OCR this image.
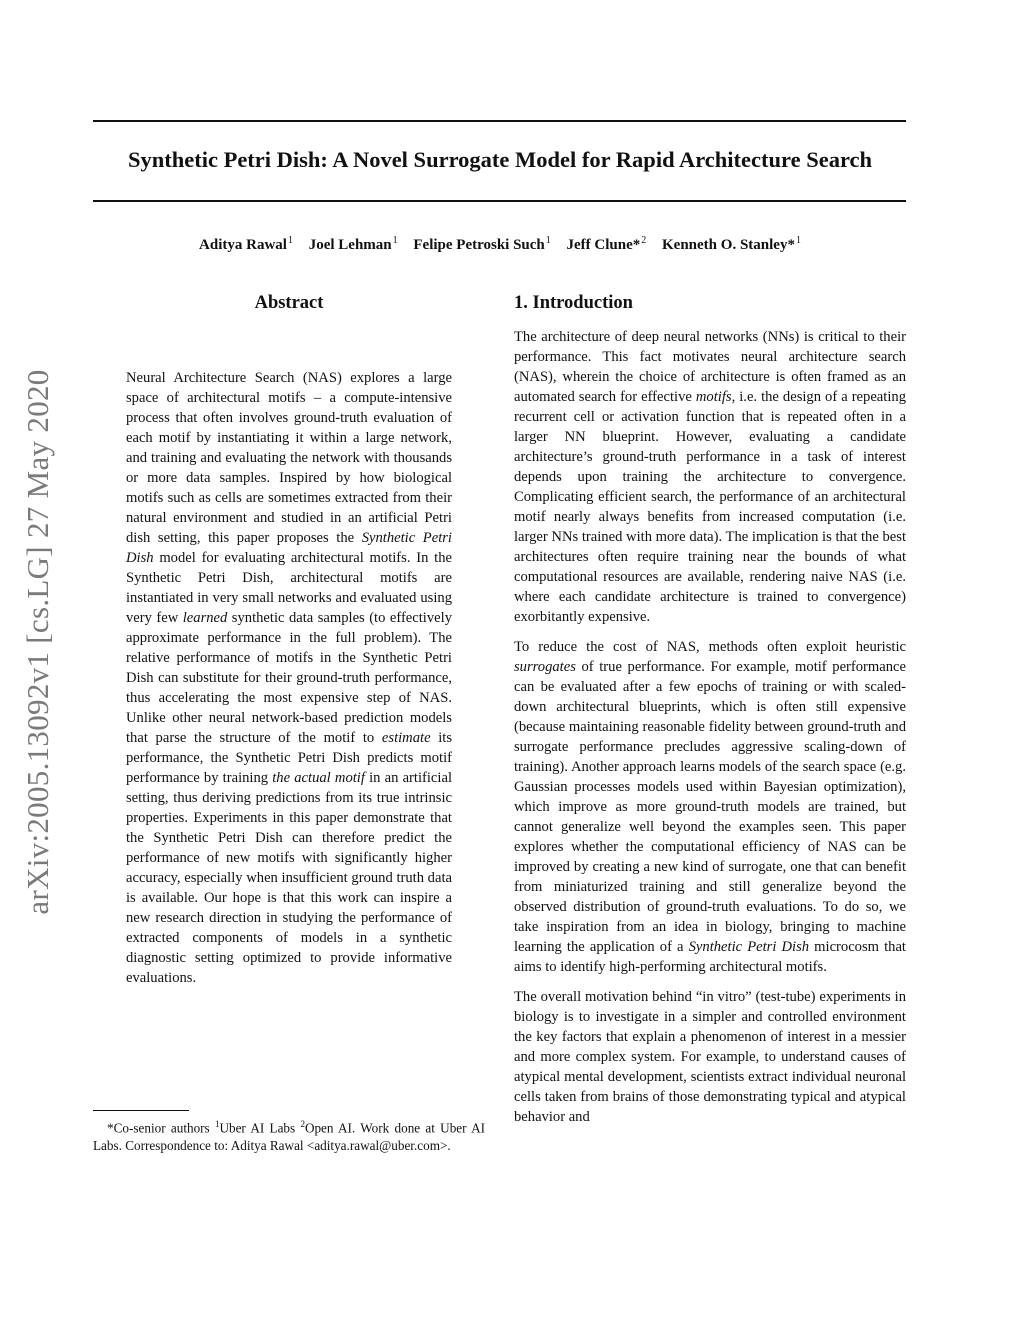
Synthetic Petri Dish: A Novel Surrogate Model for Rapid Architecture Search
Aditya Rawal$^1$ Joel Lehman$^1$ Felipe Petroski Such$^1$ Jeff Clune*$^2$ Kenneth O. Stanley*$^1$
arXiv:2005.13092v1 [cs.LG] 27 May 2020
Abstract
Neural Architecture Search (NAS) explores a large space of architectural motifs – a compute-intensive process that often involves ground-truth evaluation of each motif by instantiating it within a large network, and training and evaluating the network with thousands or more data samples. Inspired by how biological motifs such as cells are sometimes extracted from their natural environment and studied in an artificial Petri dish setting, this paper proposes the Synthetic Petri Dish model for evaluating architectural motifs. In the Synthetic Petri Dish, architectural motifs are instantiated in very small networks and evaluated using very few learned synthetic data samples (to effectively approximate performance in the full problem). The relative performance of motifs in the Synthetic Petri Dish can substitute for their ground-truth performance, thus accelerating the most expensive step of NAS. Unlike other neural network-based prediction models that parse the structure of the motif to estimate its performance, the Synthetic Petri Dish predicts motif performance by training the actual motif in an artificial setting, thus deriving predictions from its true intrinsic properties. Experiments in this paper demonstrate that the Synthetic Petri Dish can therefore predict the performance of new motifs with significantly higher accuracy, especially when insufficient ground truth data is available. Our hope is that this work can inspire a new research direction in studying the performance of extracted components of models in a synthetic diagnostic setting optimized to provide informative evaluations.
*Co-senior authors $^1$Uber AI Labs $^2$Open AI. Work done at Uber AI Labs. Correspondence to: Aditya Rawal <aditya.rawal@uber.com>.
1. Introduction

The architecture of deep neural networks (NNs) is critical to their performance. This fact motivates neural architecture search (NAS), wherein the choice of architecture is often framed as an automated search for effective motifs, i.e. the design of a repeating recurrent cell or activation function that is repeated often in a larger NN blueprint. However, evaluating a candidate architecture’s ground-truth performance in a task of interest depends upon training the architecture to convergence. Complicating efficient search, the performance of an architectural motif nearly always benefits from increased computation (i.e. larger NNs trained with more data). The implication is that the best architectures often require training near the bounds of what computational resources are available, rendering naive NAS (i.e. where each candidate architecture is trained to convergence) exorbitantly expensive.

To reduce the cost of NAS, methods often exploit heuristic surrogates of true performance. For example, motif performance can be evaluated after a few epochs of training or with scaled-down architectural blueprints, which is often still expensive (because maintaining reasonable fidelity between ground-truth and surrogate performance precludes aggressive scaling-down of training). Another approach learns models of the search space (e.g. Gaussian processes models used within Bayesian optimization), which improve as more ground-truth models are trained, but cannot generalize well beyond the examples seen. This paper explores whether the computational efficiency of NAS can be improved by creating a new kind of surrogate, one that can benefit from miniaturized training and still generalize beyond the observed distribution of ground-truth evaluations. To do so, we take inspiration from an idea in biology, bringing to machine learning the application of a Synthetic Petri Dish microcosm that aims to identify high-performing architectural motifs.

The overall motivation behind “in vitro” (test-tube) experiments in biology is to investigate in a simpler and controlled environment the key factors that explain a phenomenon of interest in a messier and more complex system. For example, to understand causes of atypical mental development, scientists extract individual neuronal cells taken from brains of those demonstrating typical and atypical behavior and
